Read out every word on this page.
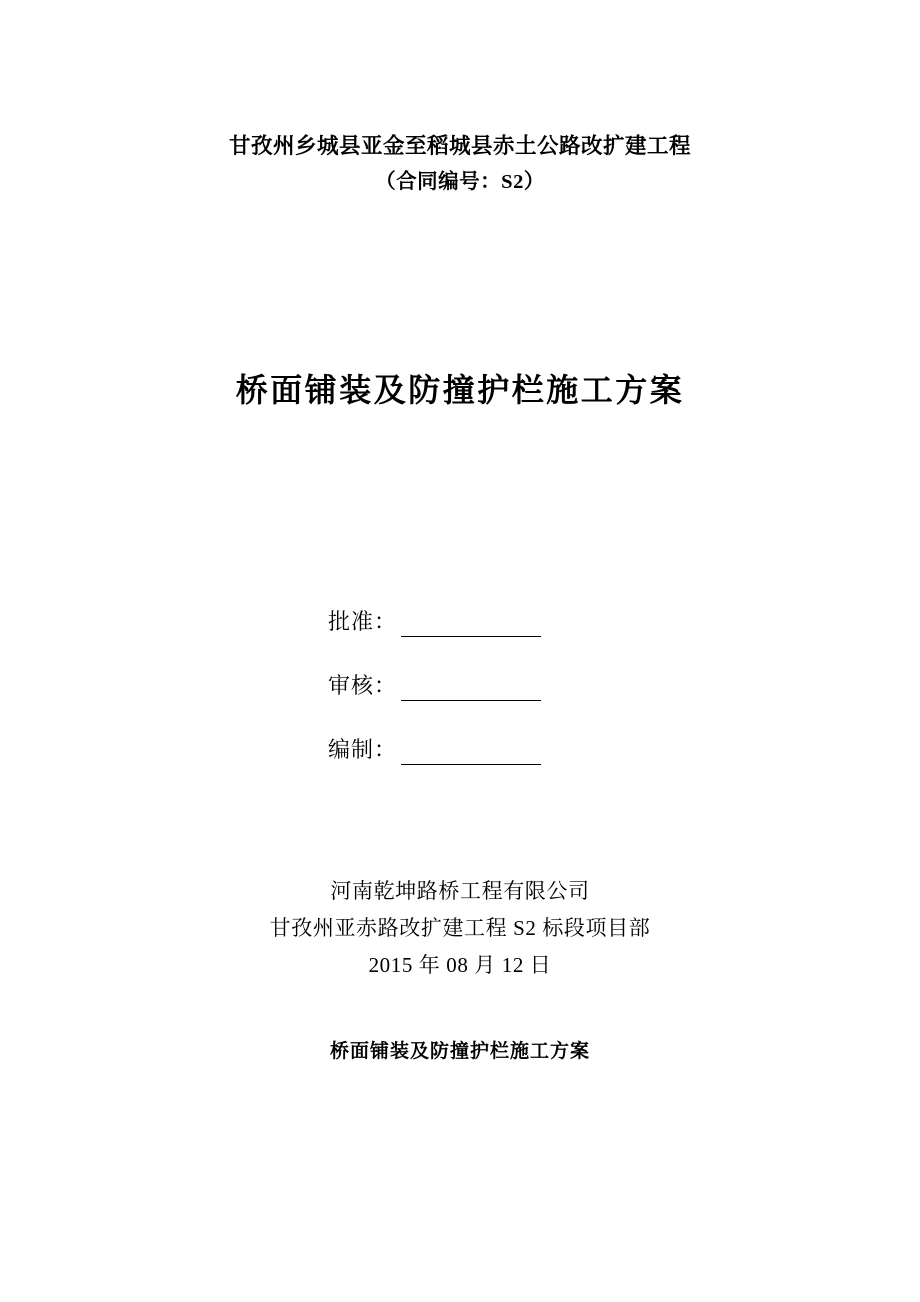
甘孜州乡城县亚金至稻城县赤土公路改扩建工程
（合同编号：S2）
桥面铺装及防撞护栏施工方案
批准：
审核：
编制：
河南乾坤路桥工程有限公司
甘孜州亚赤路改扩建工程 S2 标段项目部
2015 年 08 月 12 日
桥面铺装及防撞护栏施工方案
